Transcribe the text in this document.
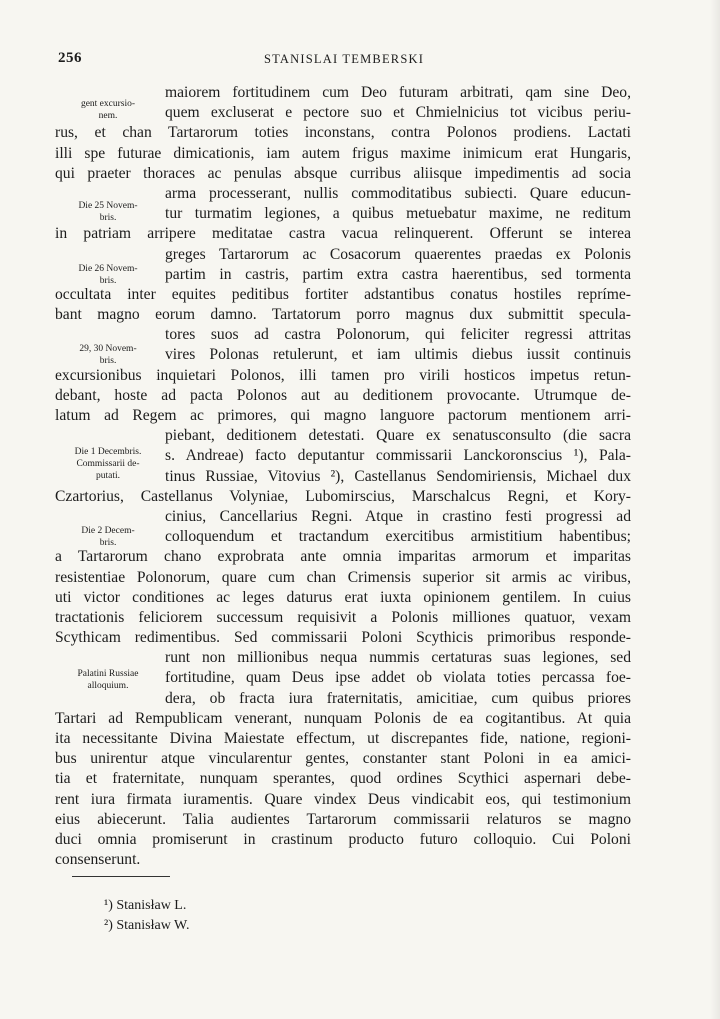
256	STANISLAI TEMBERSKI
maiorem fortitudinem cum Deo futuram arbitrati, qam sine Deo,
quem excluserat e pectore suo et Chmielnicius tot vicibus periu-
rus, et chan Tartarorum toties inconstans, contra Polonos prodiens. Lactati
illi spe futurae dimicationis, iam autem frigus maxime inimicum erat Hungaris,
qui praeter thoraces ac penulas absque curribus aliisque impedimentis ad socia
arma processerant, nullis commoditatibus subiecti. Quare educun-
tur turmatim legiones, a quibus metuebatur maxime, ne reditum
in patriam arripere meditatae castra vacua relinquerent. Offerunt se interea
greges Tartarorum ac Cosacorum quaerentes praedas ex Polonis
partim in castris, partim extra castra haerentibus, sed tormenta
occultata inter equites peditibus fortiter adstantibus conatus hostiles repríme-
bant magno eorum damno. Tartatorum porro magnus dux submittit specula-
tores suos ad castra Polonorum, qui feliciter regressi attritas
vires Polonas retulerunt, et iam ultimis diebus iussit continuis
excursionibus inquietari Polonos, illi tamen pro virili hosticos impetus retun-
debant, hoste ad pacta Polonos aut au deditionem provocante. Utrumque de-
latum ad Regem ac primores, qui magno languore pactorum mentionem arri-
piebant, deditionem detestati. Quare ex senatusconsulto (die sacra
s. Andreae) facto deputantur commissarii Lanckoronscius ¹), Pala-
tinus Russiae, Vitovius ²), Castellanus Sendomiriensis, Michael dux
Czartorius, Castellanus Volyniae, Lubomirscius, Marschalcus Regni, et Kory-
cinius, Cancellarius Regni. Atque in crastino festi progressi ad
colloquendum et tractandum exercitibus armistitium habentibus;
a Tartarorum chano exprobrata ante omnia imparitas armorum et imparitas
resistentiae Polonorum, quare cum chan Crimensis superior sit armis ac viribus,
uti victor conditiones ac leges daturus erat iuxta opinionem gentilem. In cuius
tractationis feliciorem successum requisivit a Polonis milliones quatuor, vexam
Scythicam redimentibus. Sed commissarii Poloni Scythicis primoribus responde-
runt non millionibus nequa nummis certaturas suas legiones, sed
fortitudine, quam Deus ipse addet ob violata toties percassa foe-
dera, ob fracta iura fraternitatis, amicitiae, cum quibus priores
Tartari ad Rempublicam venerant, nunquam Polonis de ea cogitantibus. At quia
ita necessitante Divina Maiestate effectum, ut discrepantes fide, natione, regioni-
bus unirentur atque vincularentur gentes, constanter stant Poloni in ea amici-
tia et fraternitate, nunquam sperantes, quod ordines Scythici aspernari debe-
rent iura firmata iuramentis. Quare vindex Deus vindicabit eos, qui testimonium
eius abiecerunt. Talia audientes Tartarorum commissarii relaturos se magno
duci omnia promiserunt in crastinum producto futuro colloquio. Cui Poloni
consenserunt.
gent excursio-
nem.
Die 25 Novem-
bris.
Die 26 Novem-
bris.
29, 30 Novem-
bris.
Die 1 Decembris.
Commissarii de-
putati.
Die 2 Decem-
bris.
Palatini Russiae
alloquium.
¹) Stanisław L.
²) Stanisław W.
